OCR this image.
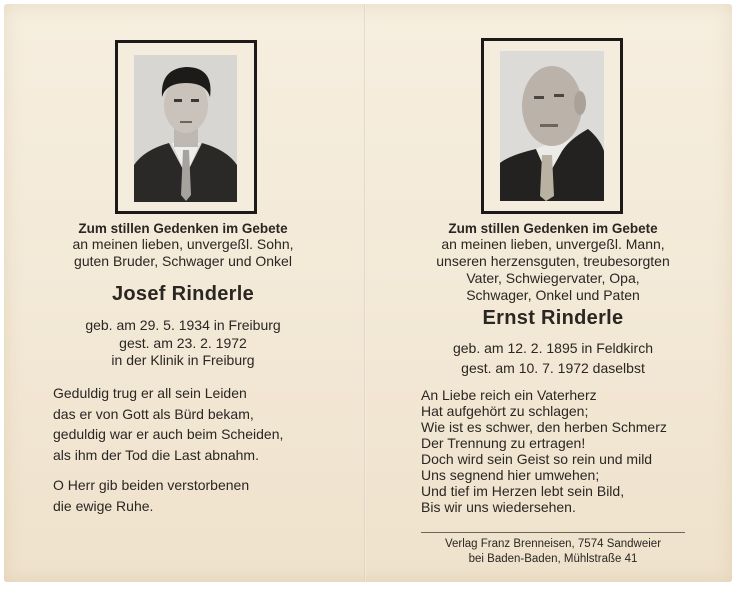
Zum stillen Gedenken im Gebete
an meinen lieben, unvergeßl. Sohn,
guten Bruder, Schwager und Onkel
Josef Rinderle
geb. am 29. 5. 1934 in Freiburg
gest. am 23. 2. 1972
in der Klinik in Freiburg
Geduldig trug er all sein Leiden
das er von Gott als Bürd bekam,
geduldig war er auch beim Scheiden,
als ihm der Tod die Last abnahm.
O Herr gib beiden verstorbenen
die ewige Ruhe.
Zum stillen Gedenken im Gebete
an meinen lieben, unvergeßl. Mann,
unseren herzensguten, treubesorgten
Vater, Schwiegervater, Opa,
Schwager, Onkel und Paten
Ernst Rinderle
geb. am 12. 2. 1895 in Feldkirch
gest. am 10. 7. 1972 daselbst
An Liebe reich ein Vaterherz
Hat aufgehört zu schlagen;
Wie ist es schwer, den herben Schmerz
Der Trennung zu ertragen!
Doch wird sein Geist so rein und mild
Uns segnend hier umwehen;
Und tief im Herzen lebt sein Bild,
Bis wir uns wiedersehen.
Verlag Franz Brenneisen, 7574 Sandweier
bei Baden-Baden, Mühlstraße 41
